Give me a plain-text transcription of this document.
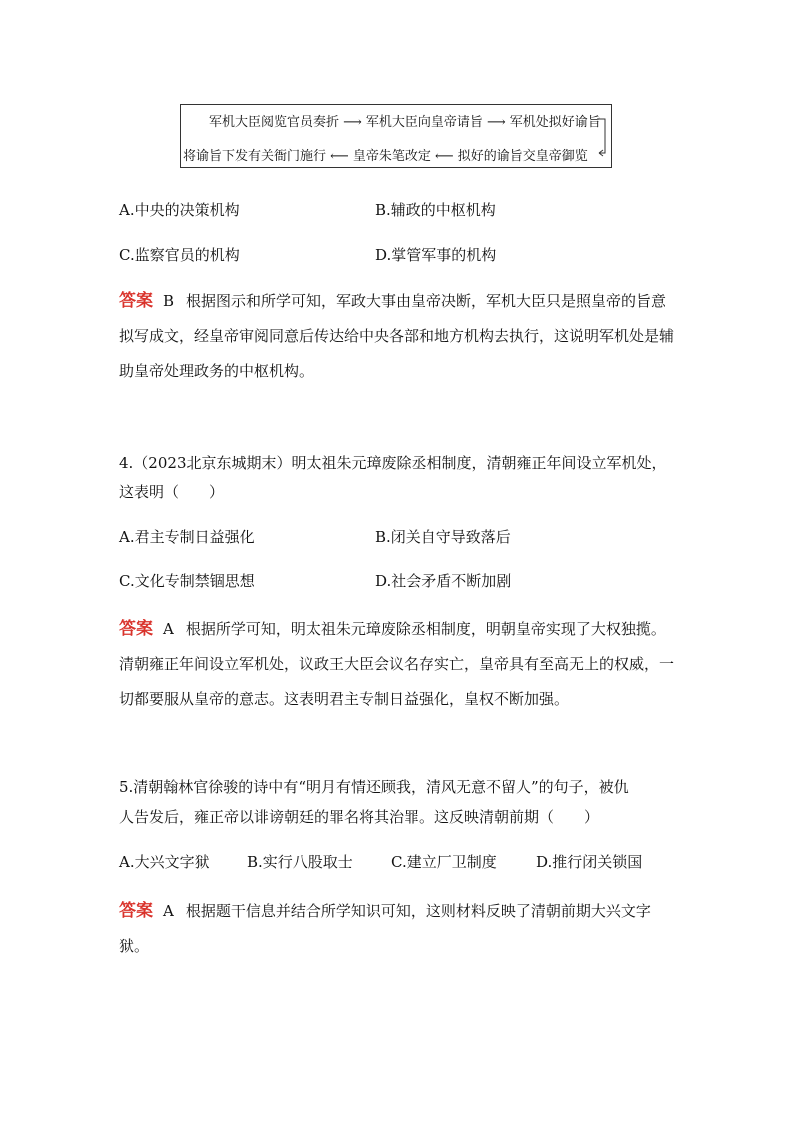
军机大臣阅览官员奏折 ⟶ 军机大臣向皇帝请旨 ⟶ 军机处拟好谕旨
将谕旨下发有关衙门施行 ⟵ 皇帝朱笔改定 ⟵ 拟好的谕旨交皇帝御览
A.中央的决策机构	B.辅政的中枢机构
C.监察官员的机构	D.掌管军事的机构
答案 B 根据图示和所学可知，军政大事由皇帝决断，军机大臣只是照皇帝的旨意拟写成文，经皇帝审阅同意后传达给中央各部和地方机构去执行，这说明军机处是辅助皇帝处理政务的中枢机构。
4.（2023北京东城期末）明太祖朱元璋废除丞相制度，清朝雍正年间设立军机处，
这表明（　　）
A.君主专制日益强化	B.闭关自守导致落后
C.文化专制禁锢思想	D.社会矛盾不断加剧
答案 A 根据所学可知，明太祖朱元璋废除丞相制度，明朝皇帝实现了大权独揽。清朝雍正年间设立军机处，议政王大臣会议名存实亡，皇帝具有至高无上的权威，一切都要服从皇帝的意志。这表明君主专制日益强化，皇权不断加强。
5.清朝翰林官徐骏的诗中有“明月有情还顾我，清风无意不留人”的句子，被仇
人告发后，雍正帝以诽谤朝廷的罪名将其治罪。这反映清朝前期（　　）
A.大兴文字狱 B.实行八股取士	C.建立厂卫制度	D.推行闭关锁国
答案 A 根据题干信息并结合所学知识可知，这则材料反映了清朝前期大兴文字狱。
